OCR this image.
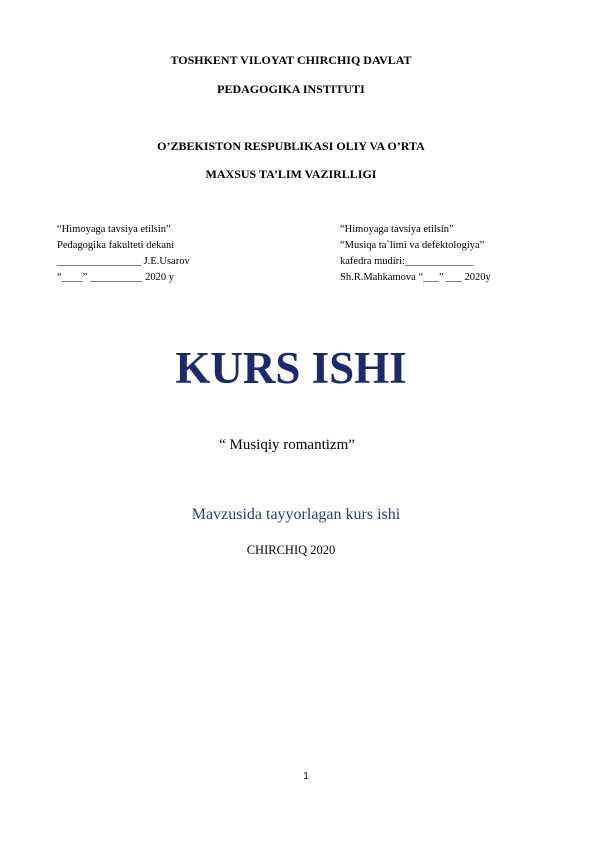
TOSHKENT VILOYAT CHIRCHIQ DAVLAT
PEDAGOGIKA INSTITUTI
O’ZBEKISTON RESPUBLIKASI OLIY VA O’RTA
MAXSUS TA’LIM VAZIRLLIGI
“Himoyaga tavsiya etilsin”
Pedagogika fakulteti dekani
________________ J.E.Usarov
“____” __________ 2020 y
“Himoyaga tavsiya etilsin”
“Musiqa ta`limi va defektologiya”
kafedra mudiri:_____________
Sh.R.Mahkamova “___” ___ 2020y
KURS ISHI
“ Musiqiy romantizm”
Mavzusida tayyorlagan kurs ishi
CHIRCHIQ 2020
1
